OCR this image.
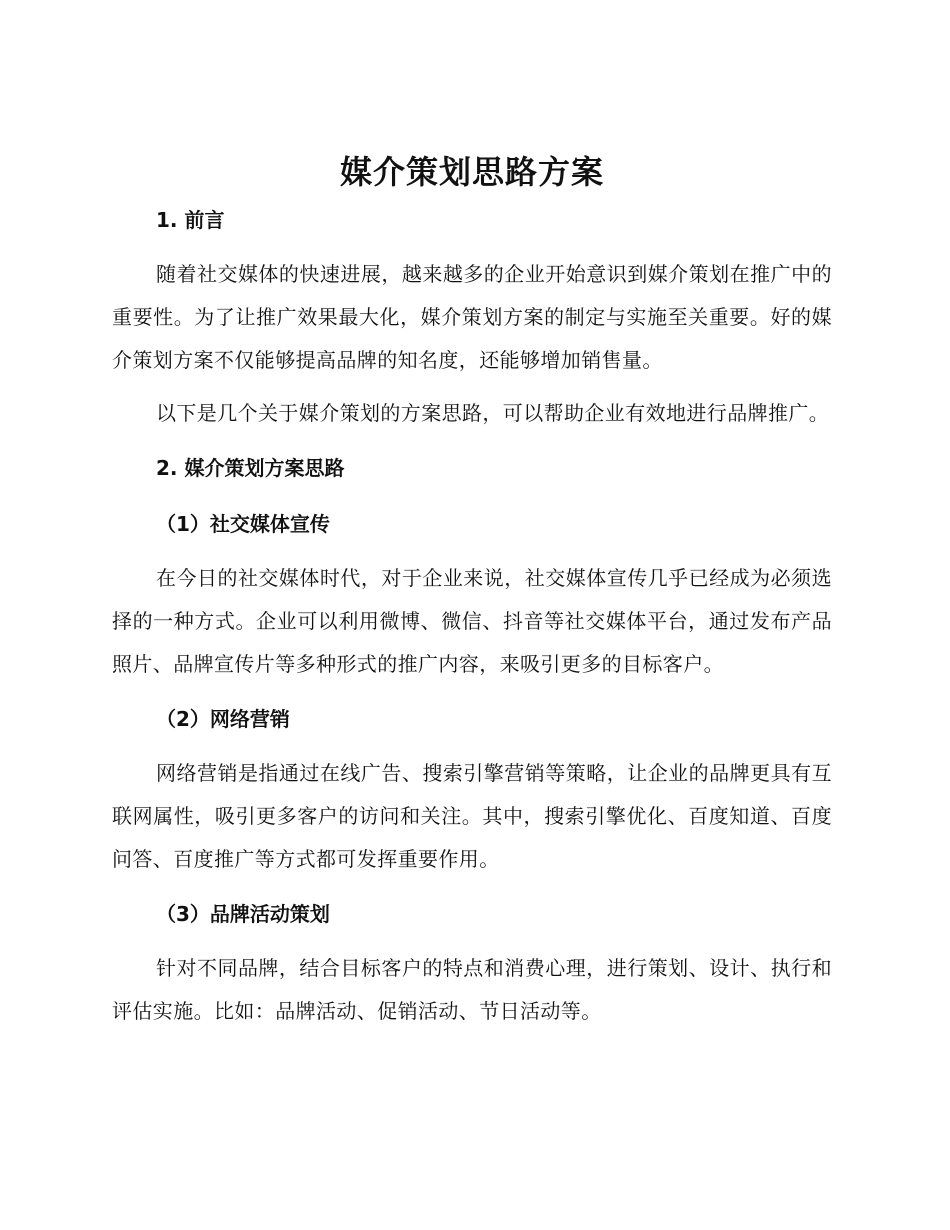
媒介策划思路方案
1. 前言

随着社交媒体的快速进展，越来越多的企业开始意识到媒介策划在推广中的重要性。为了让推广效果最大化，媒介策划方案的制定与实施至关重要。好的媒介策划方案不仅能够提高品牌的知名度，还能够增加销售量。

以下是几个关于媒介策划的方案思路，可以帮助企业有效地进行品牌推广。

2. 媒介策划方案思路
（1）社交媒体宣传

在今日的社交媒体时代，对于企业来说，社交媒体宣传几乎已经成为必须选择的一种方式。企业可以利用微博、微信、抖音等社交媒体平台，通过发布产品照片、品牌宣传片等多种形式的推广内容，来吸引更多的目标客户。

（2）网络营销

网络营销是指通过在线广告、搜索引擎营销等策略，让企业的品牌更具有互联网属性，吸引更多客户的访问和关注。其中，搜索引擎优化、百度知道、百度问答、百度推广等方式都可发挥重要作用。

（3）品牌活动策划

针对不同品牌，结合目标客户的特点和消费心理，进行策划、设计、执行和评估实施。比如：品牌活动、促销活动、节日活动等。
